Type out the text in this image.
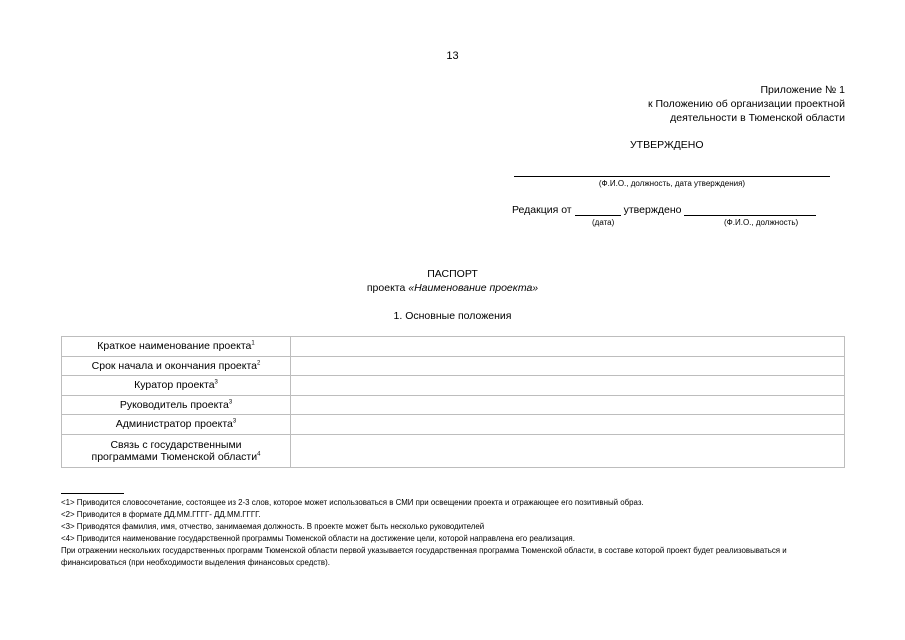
13
Приложение № 1
к Положению об организации проектной
деятельности в Тюменской области
УТВЕРЖДЕНО
(Ф.И.О., должность, дата утверждения)
Редакция от	утверждено
(дата)	(Ф.И.О., должность)
ПАСПОРТ
проекта «Наименование проекта»
1. Основные положения
Краткое наименование проекта$^1$	
Срок начала и окончания проекта$^2$	
Куратор проекта$^3$	
Руководитель проекта$^3$	
Администратор проекта$^3$	
Связь с государственными
программами Тюменской области$^4$	
<1> Приводится словосочетание, состоящее из 2-3 слов, которое может использоваться в СМИ при освещении проекта и отражающее его позитивный образ.
<2> Приводится в формате ДД.ММ.ГГГГ- ДД.ММ.ГГГГ.
<3> Приводятся фамилия, имя, отчество, занимаемая должность. В проекте может быть несколько руководителей
<4> Приводится наименование государственной программы Тюменской области на достижение цели, которой направлена его реализация.
При отражении нескольких государственных программ Тюменской области первой указывается государственная программа Тюменской области, в составе которой проект будет реализовываться и финансироваться (при необходимости выделения финансовых средств).
